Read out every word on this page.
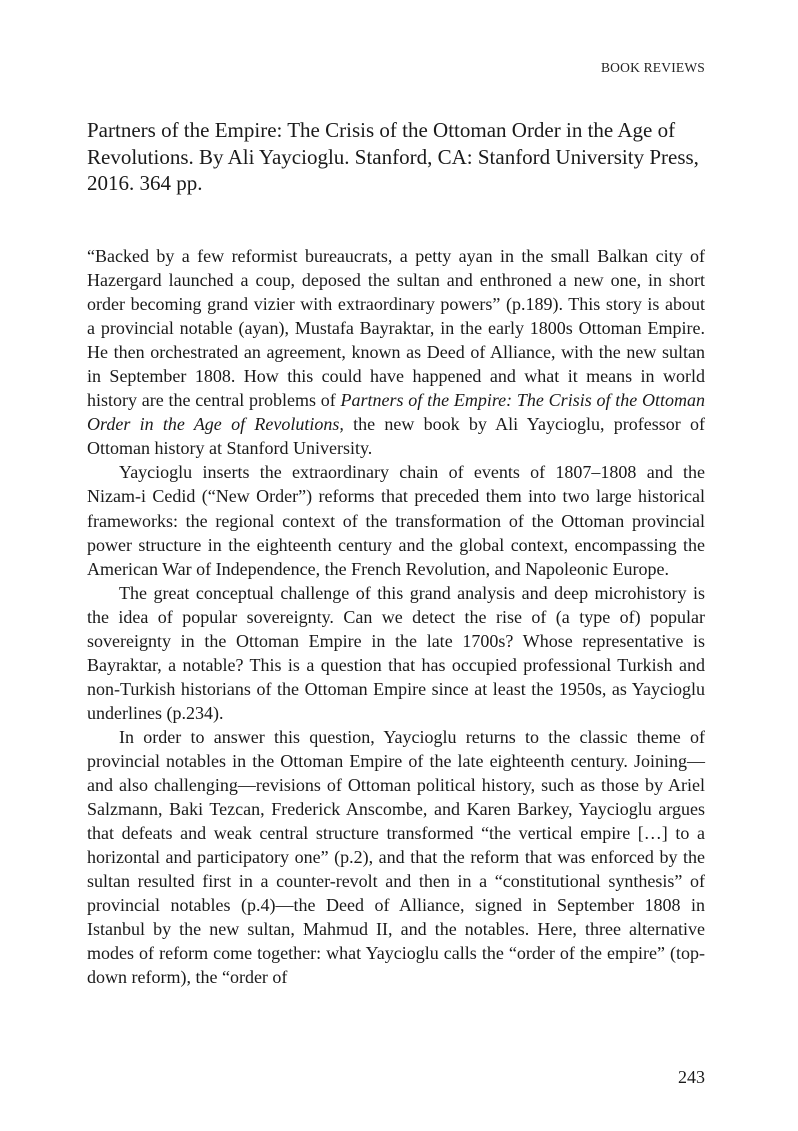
BOOK REVIEWS
Partners of the Empire: The Crisis of the Ottoman Order in the Age of Revolutions. By Ali Yaycioglu. Stanford, CA: Stanford University Press, 2016. 364 pp.

“Backed by a few reformist bureaucrats, a petty ayan in the small Balkan city of Hazergard launched a coup, deposed the sultan and enthroned a new one, in short order becoming grand vizier with extraordinary powers” (p.189). This story is about a provincial notable (ayan), Mustafa Bayraktar, in the early 1800s Ottoman Empire. He then orchestrated an agreement, known as Deed of Alliance, with the new sultan in September 1808. How this could have happened and what it means in world history are the central problems of Partners of the Empire: The Crisis of the Ottoman Order in the Age of Revolutions, the new book by Ali Yaycioglu, professor of Ottoman history at Stanford University.

Yaycioglu inserts the extraordinary chain of events of 1807–1808 and the Nizam-i Cedid (“New Order”) reforms that preceded them into two large historical frameworks: the regional context of the transformation of the Ottoman provincial power structure in the eighteenth century and the global context, encompassing the American War of Independence, the French Revolution, and Napoleonic Europe.

The great conceptual challenge of this grand analysis and deep microhistory is the idea of popular sovereignty. Can we detect the rise of (a type of) popular sovereignty in the Ottoman Empire in the late 1700s? Whose representative is Bayraktar, a notable? This is a question that has occupied professional Turkish and non-Turkish historians of the Ottoman Empire since at least the 1950s, as Yaycioglu underlines (p.234).

In order to answer this question, Yaycioglu returns to the classic theme of provincial notables in the Ottoman Empire of the late eighteenth century. Joining—and also challenging—revisions of Ottoman political history, such as those by Ariel Salzmann, Baki Tezcan, Frederick Anscombe, and Karen Barkey, Yaycioglu argues that defeats and weak central structure transformed “the vertical empire […] to a horizontal and participatory one” (p.2), and that the reform that was enforced by the sultan resulted first in a counter-revolt and then in a “constitutional synthesis” of provincial notables (p.4)—the Deed of Alliance, signed in September 1808 in Istanbul by the new sultan, Mahmud II, and the notables. Here, three alternative modes of reform come together: what Yaycioglu calls the “order of the empire” (top-down reform), the “order of

243
